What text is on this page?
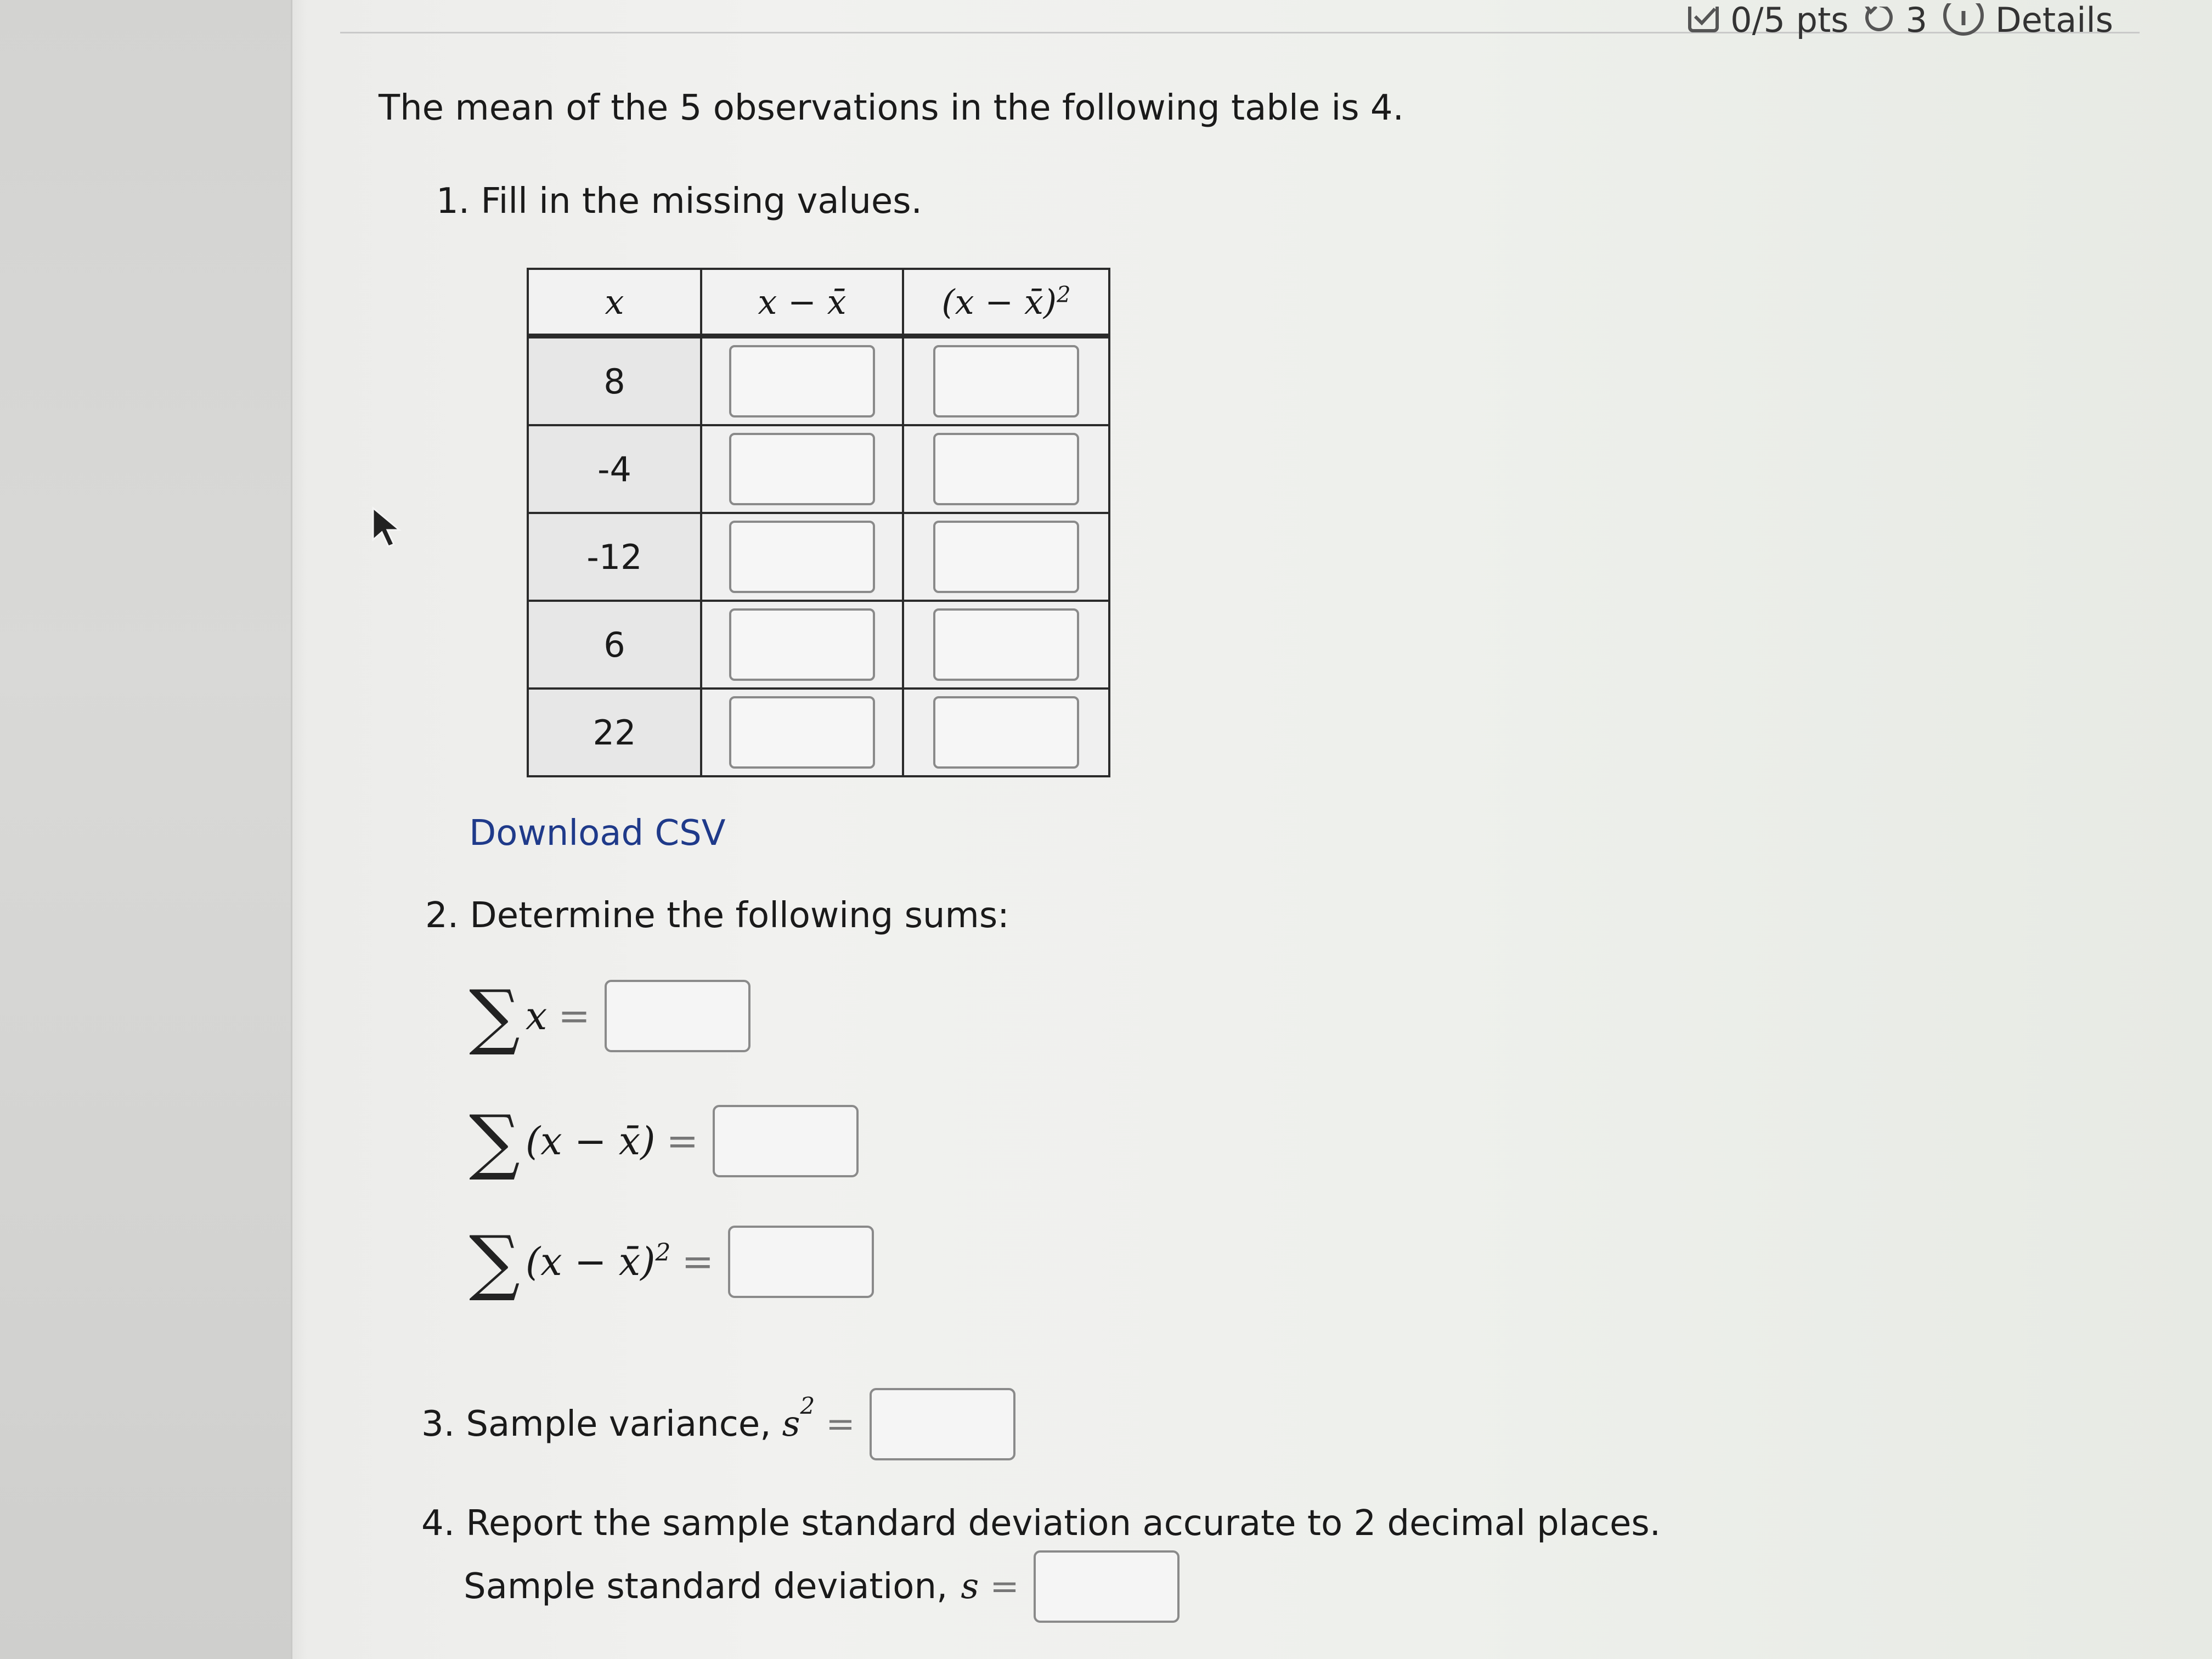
0/5 pts 3 Details
The mean of the 5 observations in the following table is 4.
1. Fill in the missing values.
x	x − x̄	(x − x̄)$^2$
8	

-4	

-12	

6	

22	

Download CSV
2. Determine the following sums:
∑ x =
∑ (x − x̄) =
∑ (x − x̄)$^2$ =
3. Sample variance, $s^2$ =
4. Report the sample standard deviation accurate to 2 decimal places.
Sample standard deviation, s =
